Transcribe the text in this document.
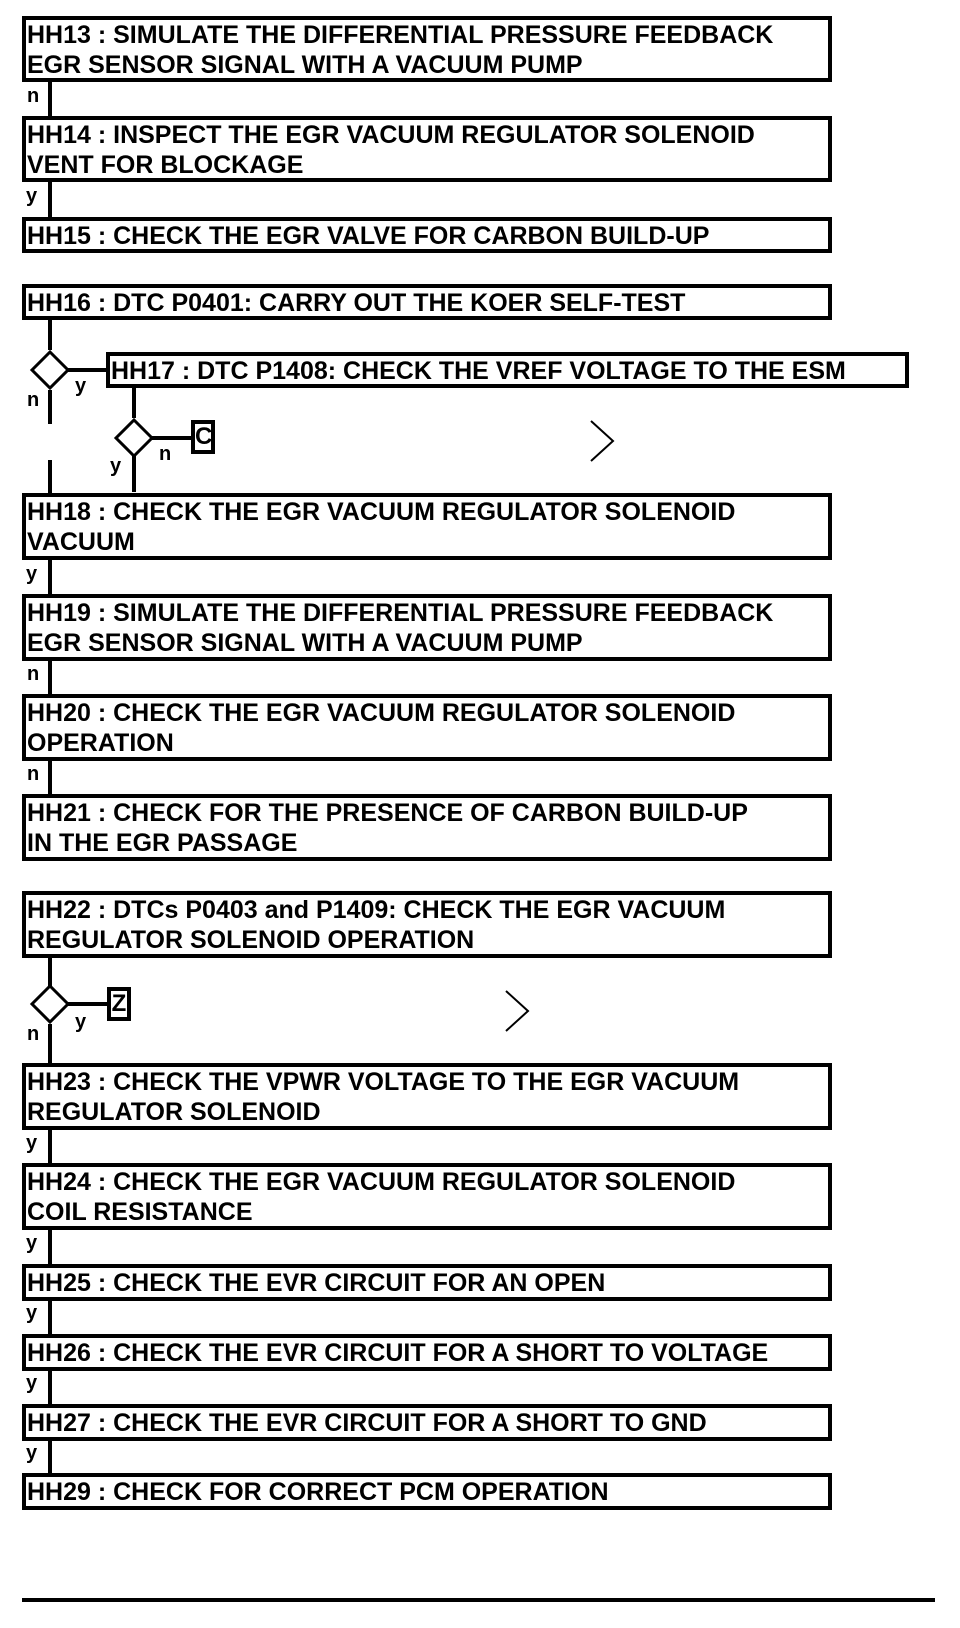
HH13 : SIMULATE THE DIFFERENTIAL PRESSURE FEEDBACK
EGR SENSOR SIGNAL WITH A VACUUM PUMP
n
HH14 : INSPECT THE EGR VACUUM REGULATOR SOLENOID
VENT FOR BLOCKAGE
y
HH15 : CHECK THE EGR VALVE FOR CARBON BUILD-UP
HH16 : DTC P0401: CARRY OUT THE KOER SELF-TEST
y
n
HH17 : DTC P1408: CHECK THE VREF VOLTAGE TO THE ESM
C
n
y
HH18 : CHECK THE EGR VACUUM REGULATOR SOLENOID
VACUUM
y
HH19 : SIMULATE THE DIFFERENTIAL PRESSURE FEEDBACK
EGR SENSOR SIGNAL WITH A VACUUM PUMP
n
HH20 : CHECK THE EGR VACUUM REGULATOR SOLENOID
OPERATION
n
HH21 : CHECK FOR THE PRESENCE OF CARBON BUILD-UP
IN THE EGR PASSAGE
HH22 : DTCs P0403 and P1409: CHECK THE EGR VACUUM
REGULATOR SOLENOID OPERATION
Z
y
n
HH23 : CHECK THE VPWR VOLTAGE TO THE EGR VACUUM
REGULATOR SOLENOID
y
HH24 : CHECK THE EGR VACUUM REGULATOR SOLENOID
COIL RESISTANCE
y
HH25 : CHECK THE EVR CIRCUIT FOR AN OPEN
y
HH26 : CHECK THE EVR CIRCUIT FOR A SHORT TO VOLTAGE
y
HH27 : CHECK THE EVR CIRCUIT FOR A SHORT TO GND
y
HH29 : CHECK FOR CORRECT PCM OPERATION
